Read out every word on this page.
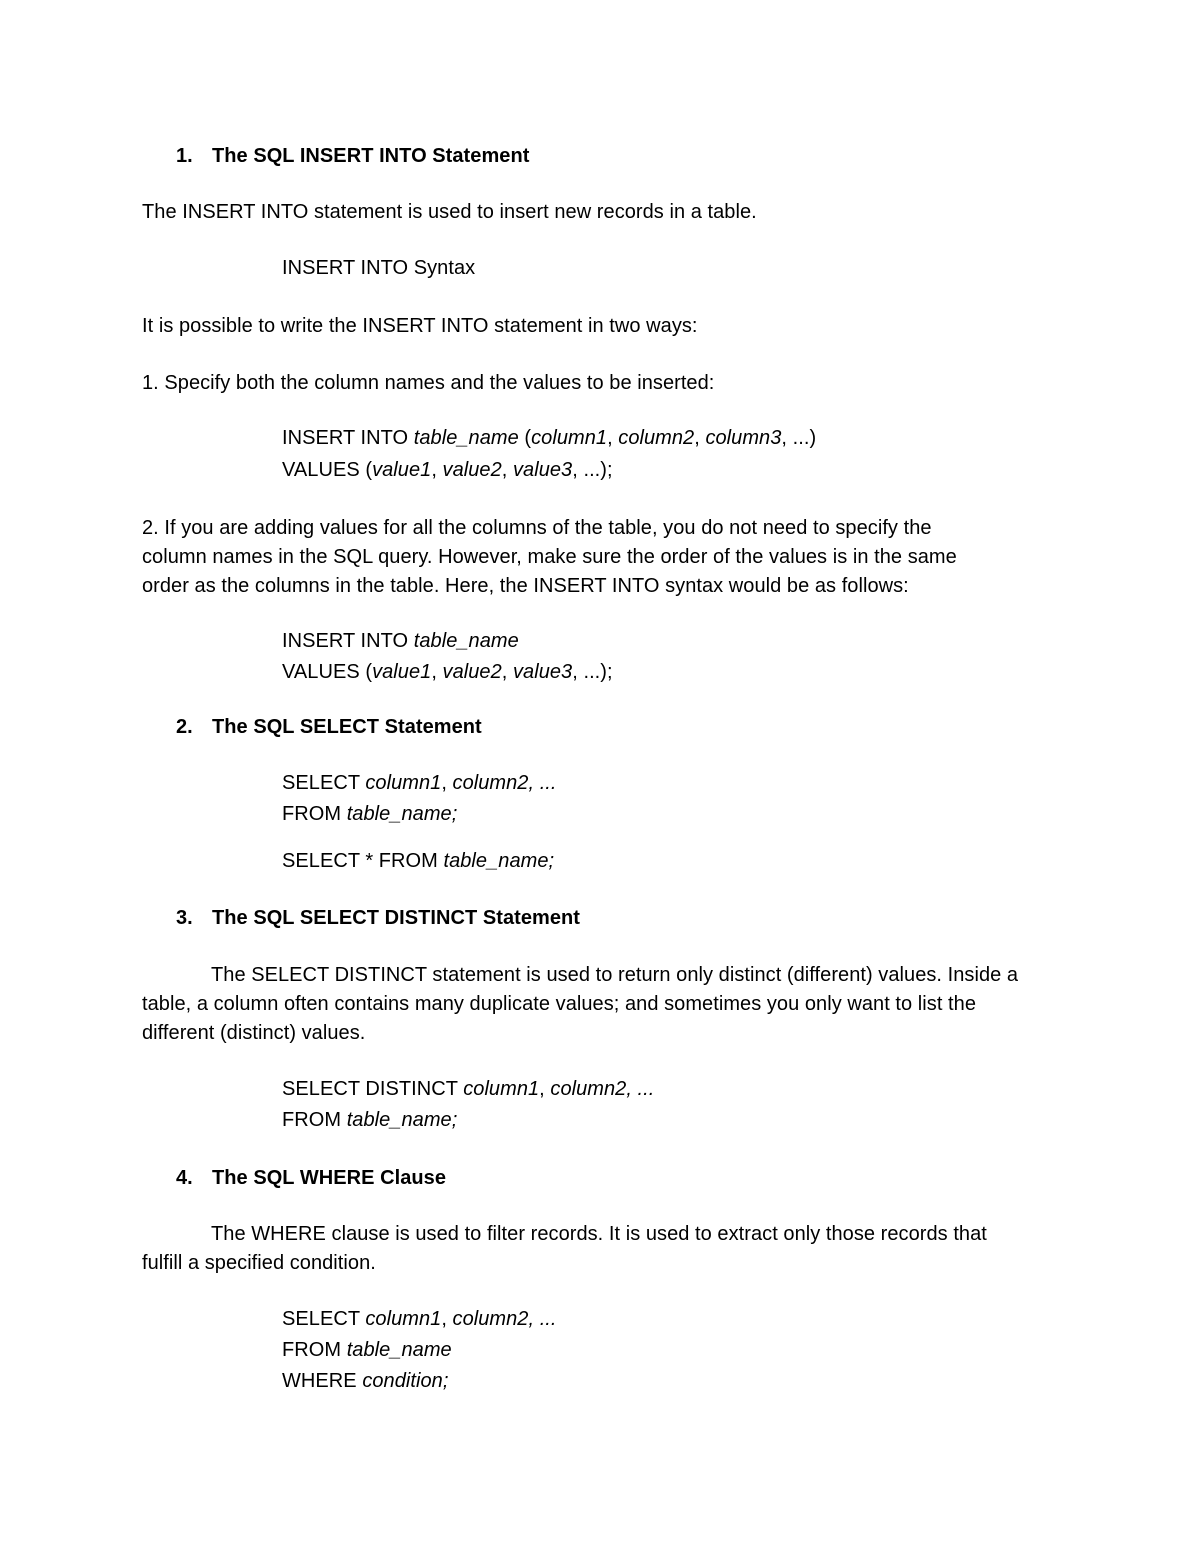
1. The SQL INSERT INTO Statement
The INSERT INTO statement is used to insert new records in a table.
INSERT INTO Syntax
It is possible to write the INSERT INTO statement in two ways:
1. Specify both the column names and the values to be inserted:
INSERT INTO table_name (column1, column2, column3, ...)
VALUES (value1, value2, value3, ...);
2. If you are adding values for all the columns of the table, you do not need to specify the
column names in the SQL query. However, make sure the order of the values is in the same
order as the columns in the table. Here, the INSERT INTO syntax would be as follows:
INSERT INTO table_name
VALUES (value1, value2, value3, ...);
2. The SQL SELECT Statement
SELECT column1, column2, ...
FROM table_name;
SELECT * FROM table_name;
3. The SQL SELECT DISTINCT Statement
The SELECT DISTINCT statement is used to return only distinct (different) values. Inside a
table, a column often contains many duplicate values; and sometimes you only want to list the
different (distinct) values.
SELECT DISTINCT column1, column2, ...
FROM table_name;
4. The SQL WHERE Clause
The WHERE clause is used to filter records. It is used to extract only those records that
fulfill a specified condition.
SELECT column1, column2, ...
FROM table_name
WHERE condition;
